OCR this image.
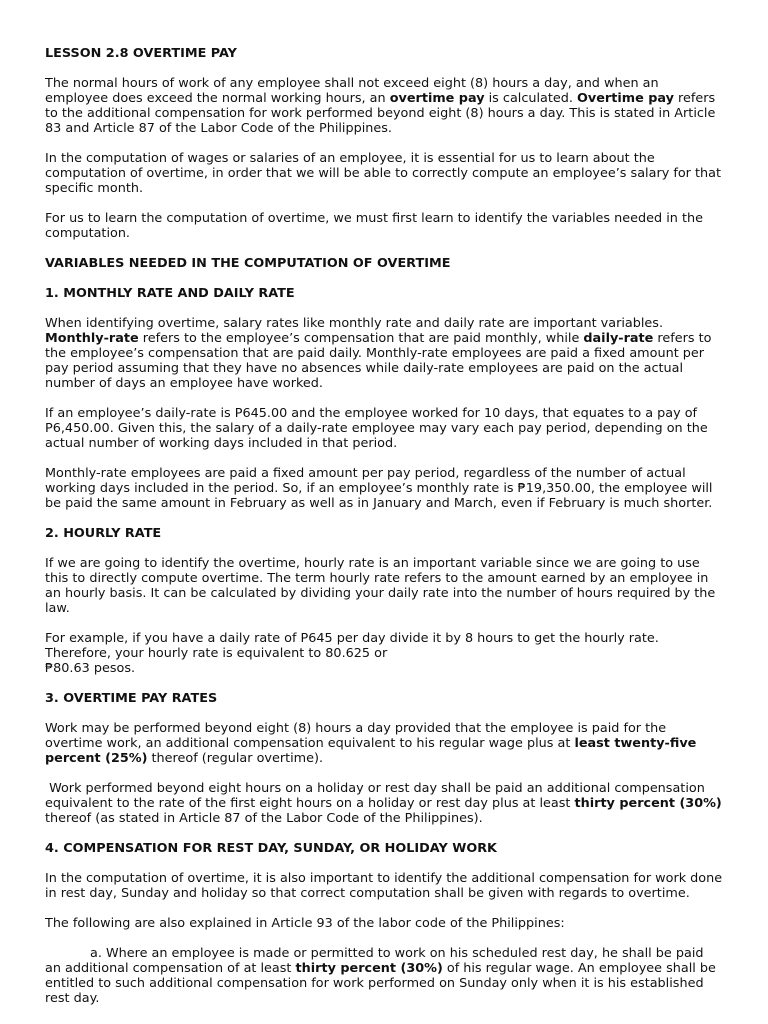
LESSON 2.8 OVERTIME PAY

The normal hours of work of any employee shall not exceed eight (8) hours a day, and when an employee does exceed the normal working hours, an overtime pay is calculated. Overtime pay refers to the additional compensation for work performed beyond eight (8) hours a day. This is stated in Article 83 and Article 87 of the Labor Code of the Philippines.

In the computation of wages or salaries of an employee, it is essential for us to learn about the computation of overtime, in order that we will be able to correctly compute an employee’s salary for that specific month.

For us to learn the computation of overtime, we must first learn to identify the variables needed in the computation.

VARIABLES NEEDED IN THE COMPUTATION OF OVERTIME

1. MONTHLY RATE AND DAILY RATE

When identifying overtime, salary rates like monthly rate and daily rate are important variables. Monthly-rate refers to the employee’s compensation that are paid monthly, while daily-rate refers to the employee’s compensation that are paid daily. Monthly-rate employees are paid a fixed amount per pay period assuming that they have no absences while daily-rate employees are paid on the actual number of days an employee have worked.

If an employee’s daily-rate is P645.00 and the employee worked for 10 days, that equates to a pay of P6,450.00. Given this, the salary of a daily-rate employee may vary each pay period, depending on the actual number of working days included in that period.

Monthly-rate employees are paid a fixed amount per pay period, regardless of the number of actual working days included in the period. So, if an employee’s monthly rate is ₱19,350.00, the employee will be paid the same amount in February as well as in January and March, even if February is much shorter.

2. HOURLY RATE

If we are going to identify the overtime, hourly rate is an important variable since we are going to use this to directly compute overtime. The term hourly rate refers to the amount earned by an employee in an hourly basis. It can be calculated by dividing your daily rate into the number of hours required by the law.

For example, if you have a daily rate of P645 per day divide it by 8 hours to get the hourly rate. Therefore, your hourly rate is equivalent to 80.625 or
₱80.63 pesos.

3. OVERTIME PAY RATES

Work may be performed beyond eight (8) hours a day provided that the employee is paid for the overtime work, an additional compensation equivalent to his regular wage plus at least twenty-five percent (25%) thereof (regular overtime).

Work performed beyond eight hours on a holiday or rest day shall be paid an additional compensation equivalent to the rate of the first eight hours on a holiday or rest day plus at least thirty percent (30%) thereof (as stated in Article 87 of the Labor Code of the Philippines).

4. COMPENSATION FOR REST DAY, SUNDAY, OR HOLIDAY WORK

In the computation of overtime, it is also important to identify the additional compensation for work done in rest day, Sunday and holiday so that correct computation shall be given with regards to overtime.

The following are also explained in Article 93 of the labor code of the Philippines:

a. Where an employee is made or permitted to work on his scheduled rest day, he shall be paid an additional compensation of at least thirty percent (30%) of his regular wage. An employee shall be entitled to such additional compensation for work performed on Sunday only when it is his established rest day.
